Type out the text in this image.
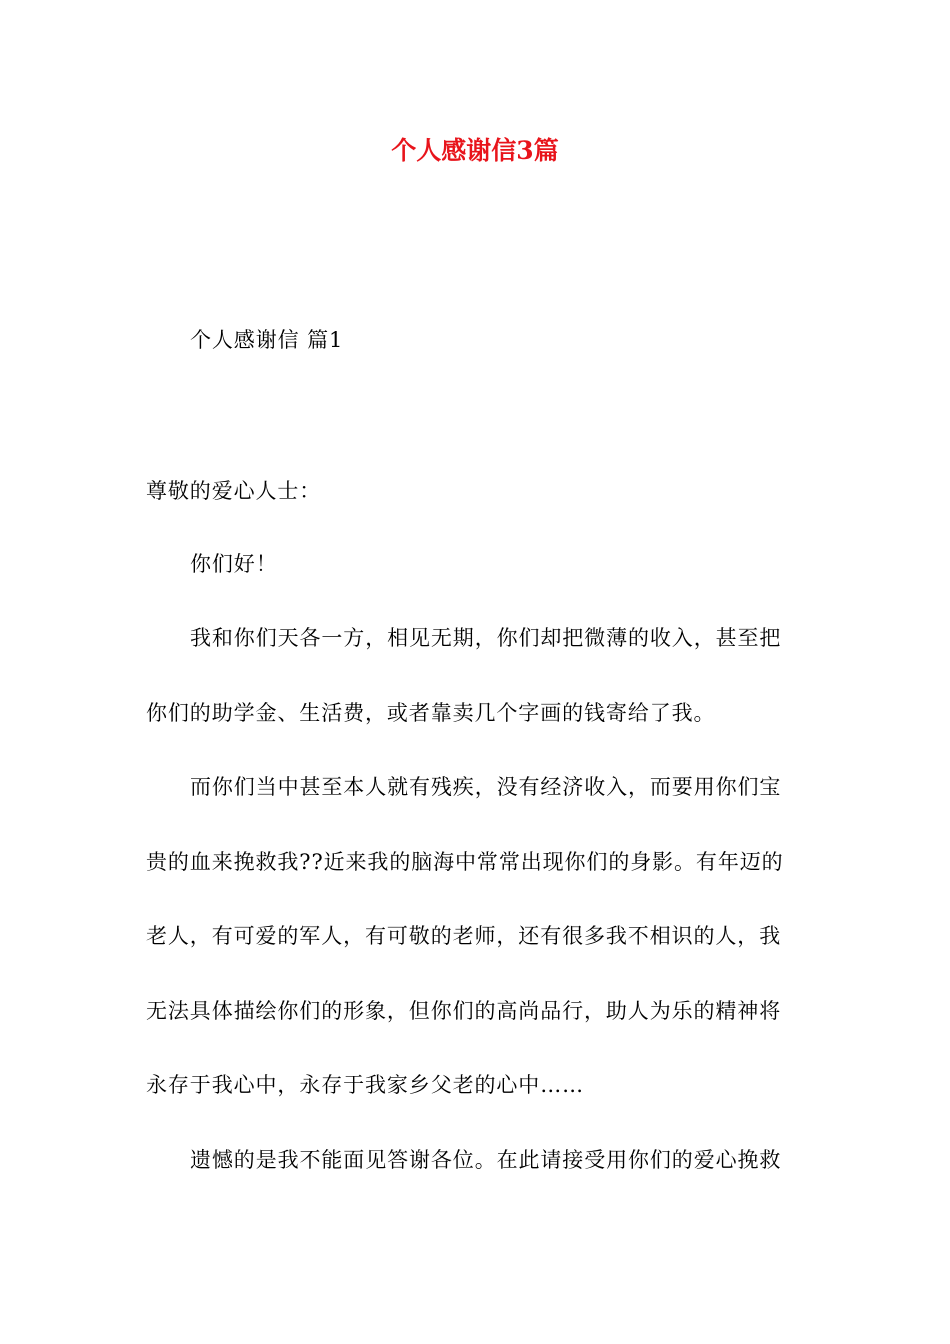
个人感谢信3篇
个人感谢信 篇1
尊敬的爱心人士：
你们好！
我和你们天各一方，相见无期，你们却把微薄的收入，甚至把
你们的助学金、生活费，或者靠卖几个字画的钱寄给了我。
而你们当中甚至本人就有残疾，没有经济收入，而要用你们宝
贵的血来挽救我??近来我的脑海中常常出现你们的身影。有年迈的
老人，有可爱的军人，有可敬的老师，还有很多我不相识的人，我
无法具体描绘你们的形象，但你们的高尚品行，助人为乐的精神将
永存于我心中，永存于我家乡父老的心中……
遗憾的是我不能面见答谢各位。在此请接受用你们的爱心挽救
